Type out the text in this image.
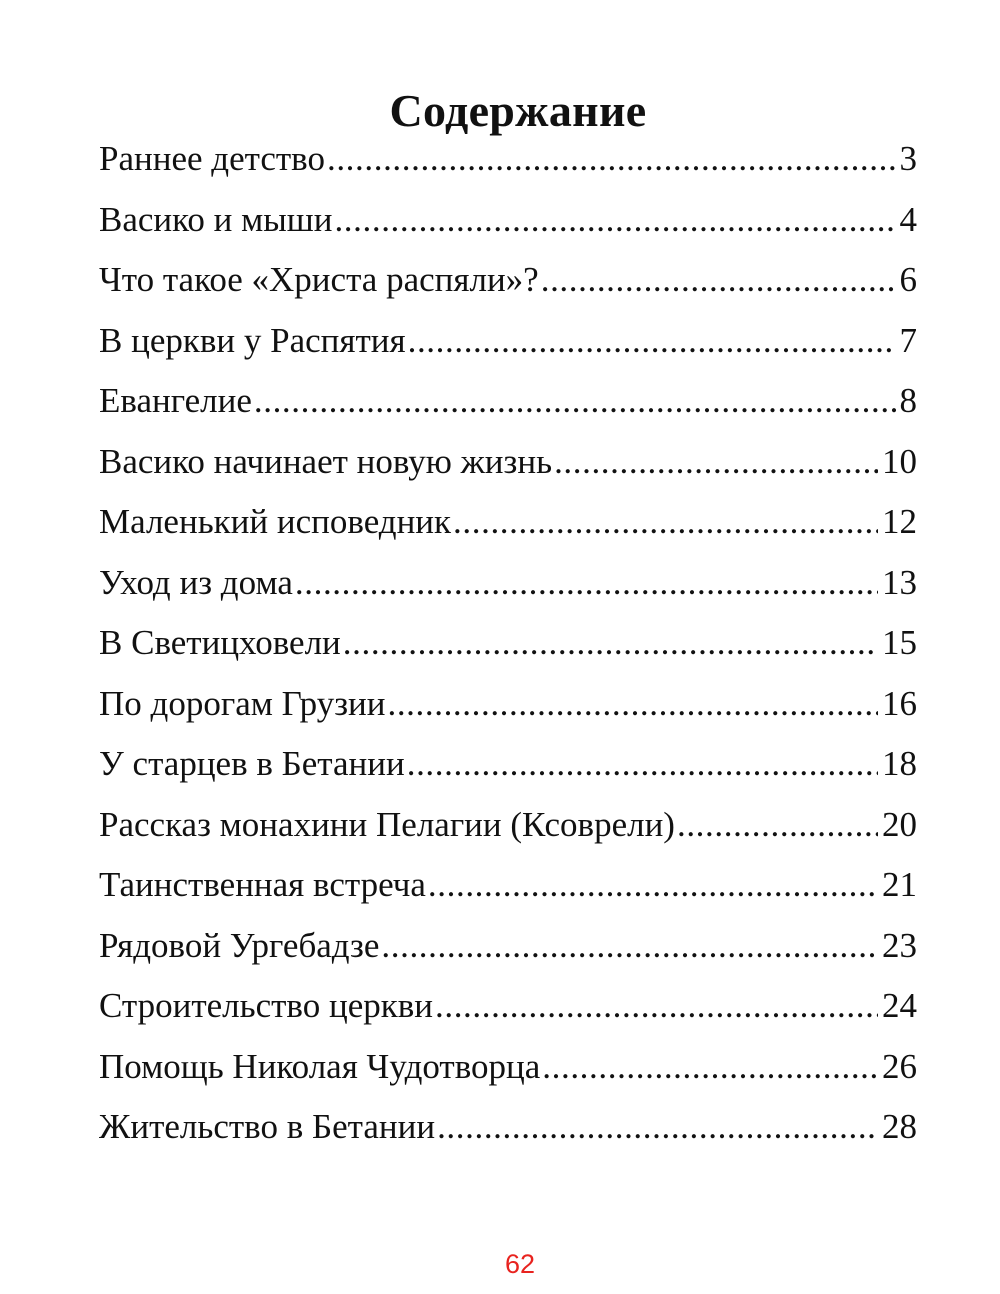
Содержание
Раннее детство .....	3
Васико и мыши .....	4
Что такое «Христа распяли»? .....	6
В церкви у Распятия .....	7
Евангелие .....	8
Васико начинает новую жизнь .....	10
Маленький исповедник .....	12
Уход из дома .....	13
В Светицховели .....	15
По дорогам Грузии .....	16
У старцев в Бетании .....	18
Рассказ монахини Пелагии (Ксоврели) .....	20
Таинственная встреча .....	21
Рядовой Ургебадзе .....	23
Строительство церкви .....	24
Помощь Николая Чудотворца .....	26
Жительство в Бетании .....	28
62
